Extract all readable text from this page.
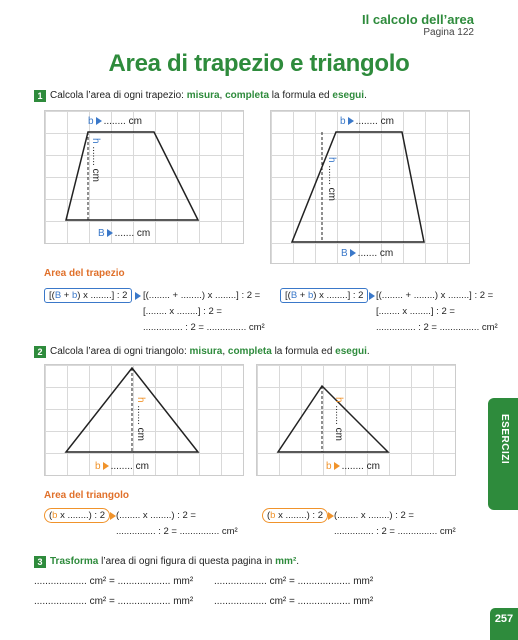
Il calcolo dell’area
Pagina 122
Area di trapezio e triangolo
1 Calcola l’area di ogni trapezio: misura, completa la formula ed esegui.
b ........ cm
h ....... cm
B ....... cm
b ........ cm
h ....... cm
B ....... cm
Area del trapezio
[(B + b) x ........] : 2	[(........ + ........) x ........] : 2 =
[........ x ........] : 2 =
............... : 2 = ............... cm²
[(B + b) x ........] : 2	[(........ + ........) x ........] : 2 =
[........ x ........] : 2 =
............... : 2 = ............... cm²
2 Calcola l’area di ogni triangolo: misura, completa la formula ed esegui.
h ....... cm
b ........ cm
h ....... cm
b ........ cm
Area del triangolo
(b x ........) : 2	(........ x ........) : 2 =
............... : 2 = ............... cm²
(b x ........) : 2	(........ x ........) : 2 =
............... : 2 = ............... cm²
3 Trasforma l’area di ogni figura di questa pagina in mm².
................... cm² = ................... mm² ................... cm² = ................... mm²
................... cm² = ................... mm² ................... cm² = ................... mm²
ESERCIZI
257
